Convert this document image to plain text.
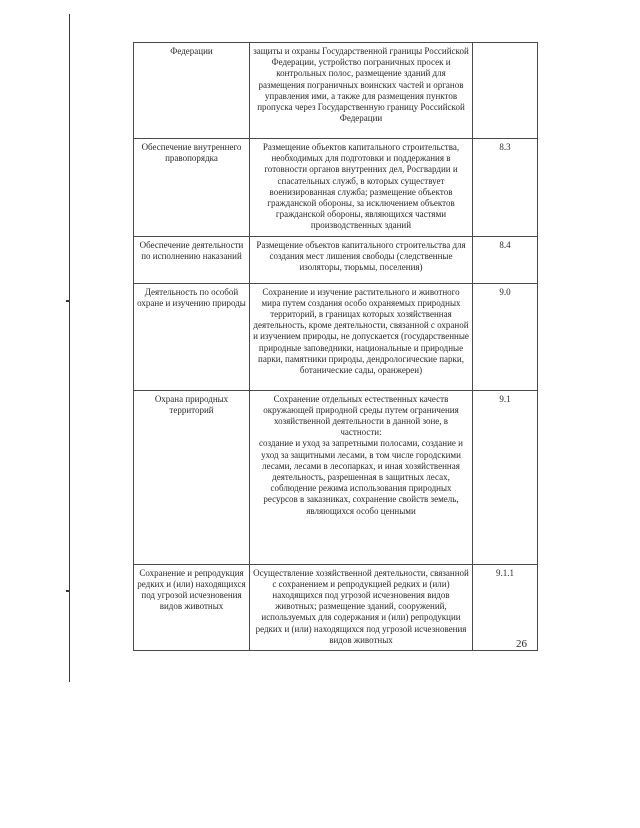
Федерации	защиты и охраны Государственной границы Российской Федерации, устройство пограничных просек и контрольных полос, размещение зданий для размещения пограничных воинских частей и органов управления ими, а также для размещения пунктов пропуска через Государственную границу Российской Федерации	
Обеспечение внутреннего правопорядка	Размещение объектов капитального строительства, необходимых для подготовки и поддержания в готовности органов внутренних дел, Росгвардии и спасательных служб, в которых существует военизированная служба; размещение объектов гражданской обороны, за исключением объектов гражданской обороны, являющихся частями производственных зданий	8.3
Обеспечение деятельности по исполнению наказаний	Размещение объектов капитального строительства для создания мест лишения свободы (следственные изоляторы, тюрьмы, поселения)	8.4
Деятельность по особой охране и изучению природы	Сохранение и изучение растительного и животного мира путем создания особо охраняемых природных территорий, в границах которых хозяйственная деятельность, кроме деятельности, связанной с охраной и изучением природы, не допускается (государственные природные заповедники, национальные и природные парки, памятники природы, дендрологические парки, ботанические сады, оранжереи)	9.0
Охрана природных территорий	Сохранение отдельных естественных качеств окружающей природной среды путем ограничения хозяйственной деятельности в данной зоне, в частности:
создание и уход за запретными полосами, создание и уход за защитными лесами, в том числе городскими лесами, лесами в лесопарках, и иная хозяйственная деятельность, разрешенная в защитных лесах, соблюдение режима использования природных ресурсов в заказниках, сохранение свойств земель, являющихся особо ценными	9.1
Сохранение и репродукция редких и (или) находящихся под угрозой исчезновения видов животных	Осуществление хозяйственной деятельности, связанной с сохранением и репродукцией редких и (или) находящихся под угрозой исчезновения видов животных; размещение зданий, сооружений, используемых для содержания и (или) репродукции редких и (или) находящихся под угрозой исчезновения видов животных	9.1.1
26
